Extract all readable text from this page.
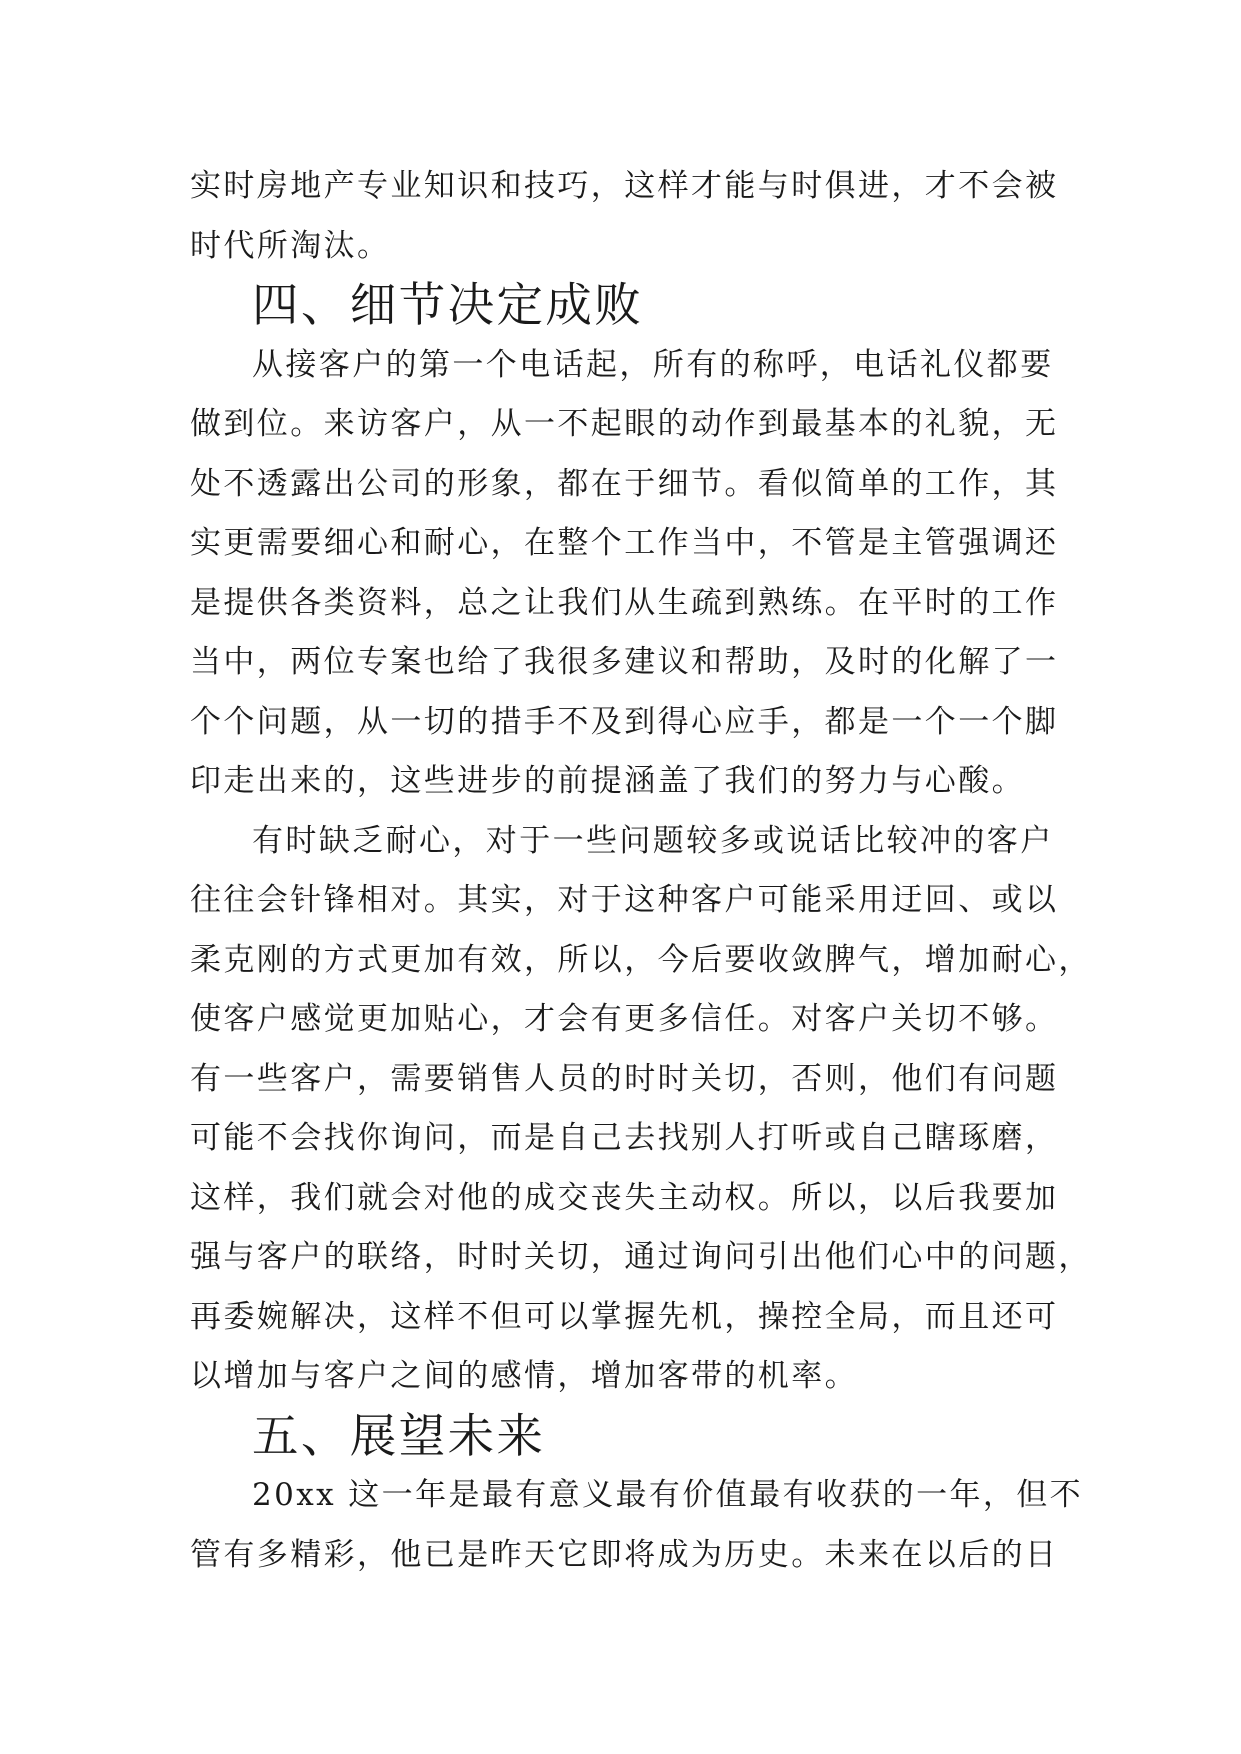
实时房地产专业知识和技巧，这样才能与时俱进，才不会被
时代所淘汰。

四、细节决定成败

从接客户的第一个电话起，所有的称呼，电话礼仪都要
做到位。来访客户，从一不起眼的动作到最基本的礼貌，无
处不透露出公司的形象，都在于细节。看似简单的工作，其
实更需要细心和耐心，在整个工作当中，不管是主管强调还
是提供各类资料，总之让我们从生疏到熟练。在平时的工作
当中，两位专案也给了我很多建议和帮助，及时的化解了一
个个问题，从一切的措手不及到得心应手，都是一个一个脚
印走出来的，这些进步的前提涵盖了我们的努力与心酸。

有时缺乏耐心，对于一些问题较多或说话比较冲的客户
往往会针锋相对。其实，对于这种客户可能采用迂回、或以
柔克刚的方式更加有效，所以，今后要收敛脾气，增加耐心，
使客户感觉更加贴心，才会有更多信任。对客户关切不够。
有一些客户，需要销售人员的时时关切，否则，他们有问题
可能不会找你询问，而是自己去找别人打听或自己瞎琢磨，
这样，我们就会对他的成交丧失主动权。所以，以后我要加
强与客户的联络，时时关切，通过询问引出他们心中的问题，
再委婉解决，这样不但可以掌握先机，操控全局，而且还可
以增加与客户之间的感情，增加客带的机率。

五、展望未来

20xx 这一年是最有意义最有价值最有收获的一年，但不
管有多精彩，他已是昨天它即将成为历史。未来在以后的日
